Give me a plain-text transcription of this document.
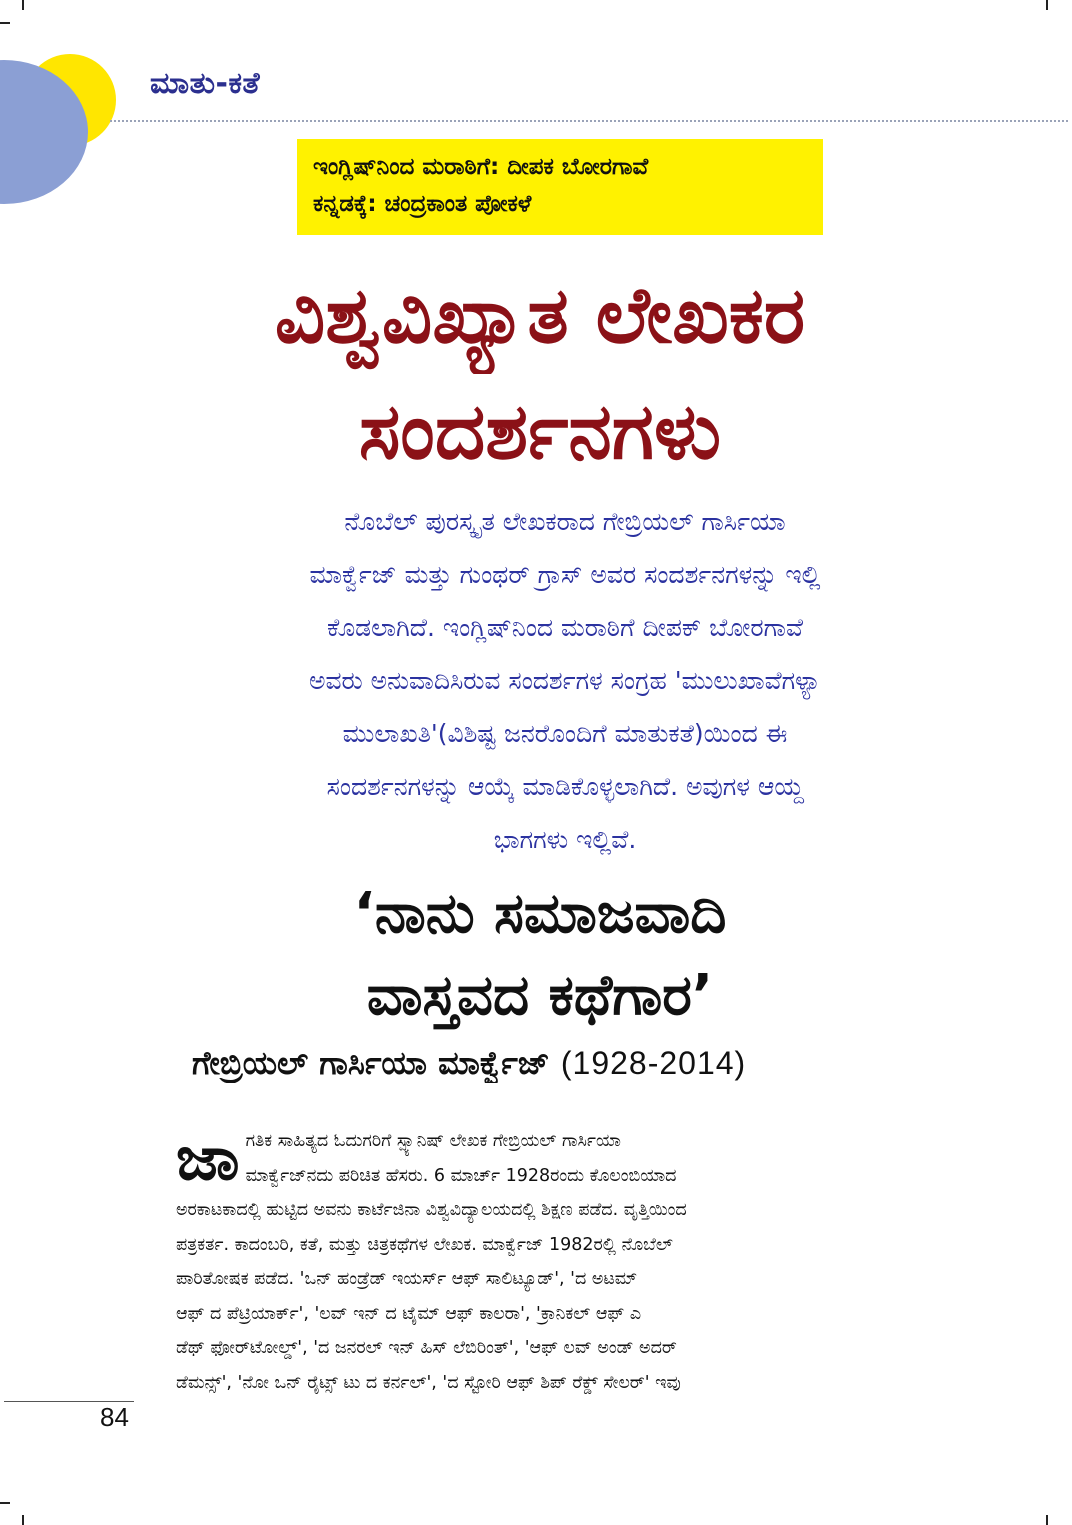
ಮಾತು-ಕತೆ
ಇಂಗ್ಲಿಷ್‌ನಿಂದ ಮರಾಠಿಗೆ: ದೀಪಕ ಬೋರಗಾವೆ
ಕನ್ನಡಕ್ಕೆ: ಚಂದ್ರಕಾಂತ ಪೋಕಳೆ
ವಿಶ್ವವಿಖ್ಯಾತ ಲೇಖಕರ
ಸಂದರ್ಶನಗಳು
ನೊಬೆಲ್ ಪುರಸ್ಕೃತ ಲೇಖಕರಾದ ಗೇಬ್ರಿಯಲ್ ಗಾರ್ಸಿಯಾ
ಮಾರ್ಕ್ವೆಜ್ ಮತ್ತು ಗುಂಥರ್ ಗ್ರಾಸ್ ಅವರ ಸಂದರ್ಶನಗಳನ್ನು ಇಲ್ಲಿ
ಕೊಡಲಾಗಿದೆ. ಇಂಗ್ಲಿಷ್‌ನಿಂದ ಮರಾಠಿಗೆ ದೀಪಕ್ ಬೋರಗಾವೆ
ಅವರು ಅನುವಾದಿಸಿರುವ ಸಂದರ್ಶಗಳ ಸಂಗ್ರಹ 'ಮುಲುಖಾವೆಗಳ್ಯಾ
ಮುಲಾಖತಿ'(ವಿಶಿಷ್ಟ ಜನರೊಂದಿಗೆ ಮಾತುಕತೆ)ಯಿಂದ ಈ
ಸಂದರ್ಶನಗಳನ್ನು ಆಯ್ಕೆ ಮಾಡಿಕೊಳ್ಳಲಾಗಿದೆ. ಅವುಗಳ ಆಯ್ದ
ಭಾಗಗಳು ಇಲ್ಲಿವೆ.
‘ನಾನು ಸಮಾಜವಾದಿ
ವಾಸ್ತವದ ಕಥೆಗಾರ’
ಗೇಬ್ರಿಯಲ್ ಗಾರ್ಸಿಯಾ ಮಾರ್ಕ್ವೆಜ್ (1928-2014)
ಜಾ ಗತಿಕ ಸಾಹಿತ್ಯದ ಓದುಗರಿಗೆ ಸ್ಪ್ಯಾನಿಷ್ ಲೇಖಕ ಗೇಬ್ರಿಯಲ್ ಗಾರ್ಸಿಯಾ
ಮಾರ್ಕ್ವೆಜ್‌ನದು ಪರಿಚಿತ ಹೆಸರು. 6 ಮಾರ್ಚ್ 1928ರಂದು ಕೊಲಂಬಿಯಾದ
ಅರಕಾಟಕಾದಲ್ಲಿ ಹುಟ್ಟಿದ ಅವನು ಕಾರ್ಟೆಜಿನಾ ವಿಶ್ವವಿದ್ಯಾಲಯದಲ್ಲಿ ಶಿಕ್ಷಣ ಪಡೆದ. ವೃತ್ತಿಯಿಂದ
ಪತ್ರಕರ್ತ. ಕಾದಂಬರಿ, ಕತೆ, ಮತ್ತು ಚಿತ್ರಕಥೆಗಳ ಲೇಖಕ. ಮಾರ್ಕ್ವೆಜ್ 1982ರಲ್ಲಿ ನೊಬೆಲ್
ಪಾರಿತೋಷಕ ಪಡೆದ. 'ಒನ್ ಹಂಡ್ರೆಡ್ ಇಯರ್ಸ್ ಆಫ್ ಸಾಲಿಟ್ಯೂಡ್', 'ದ ಅಟಮ್
ಆಫ್ ದ ಪೆಟ್ರಿಯಾರ್ಕ್', 'ಲವ್ ಇನ್ ದ ಟೈಮ್ ಆಫ್ ಕಾಲರಾ', 'ಕ್ರಾನಿಕಲ್ ಆಫ್ ಎ
ಡೆಥ್ ಫೋರ್‌ಟೋಲ್ಡ್', 'ದ ಜನರಲ್ ಇನ್ ಹಿಸ್ ಲೆಬಿರಿಂತ್', 'ಆಫ್ ಲವ್ ಅಂಡ್ ಅದರ್
ಡೆಮನ್ಸ್', 'ನೋ ಒನ್ ರೈಟ್ಸ್ ಟು ದ ಕರ್ನಲ್', 'ದ ಸ್ಟೋರಿ ಆಫ್ ಶಿಪ್ ರೆಕ್ಡ್ ಸೇಲರ್' ಇವು
84
